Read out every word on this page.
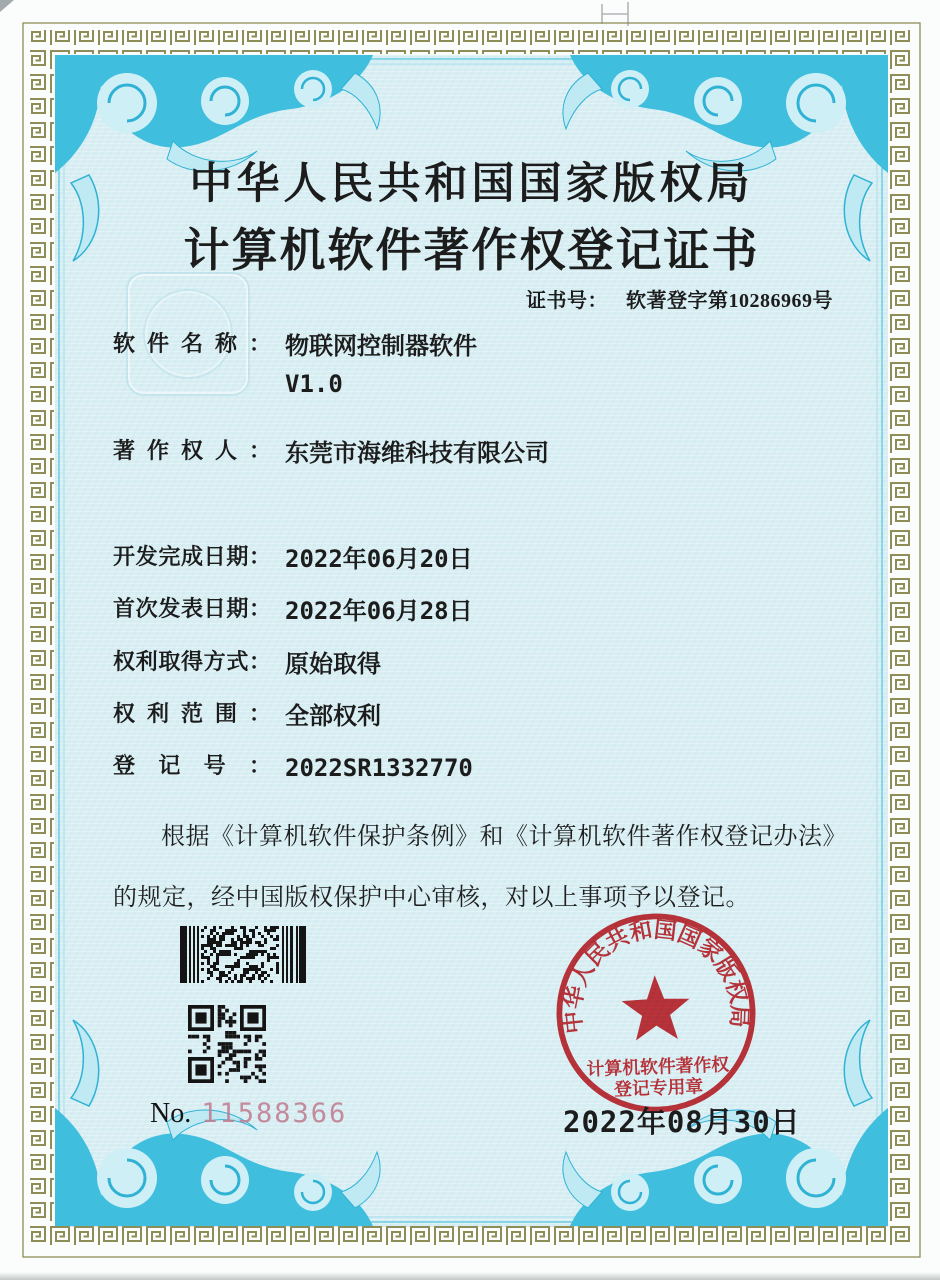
中华人民共和国国家版权局
计算机软件著作权登记证书
证书号： 软著登字第10286969号
软件名称： 物联网控制器软件
V1.0
著作权人： 东莞市海维科技有限公司
开发完成日期： 2022年06月20日
首次发表日期： 2022年06月28日
权利取得方式： 原始取得
权利范围： 全部权利
登记号： 2022SR1332770
根据《计算机软件保护条例》和《计算机软件著作权登记办法》的规定，经中国版权保护中心审核，对以上事项予以登记。
No. 11588366
中华人民共和国国家版权局
计算机软件著作权
登记专用章
2022年08月30日
